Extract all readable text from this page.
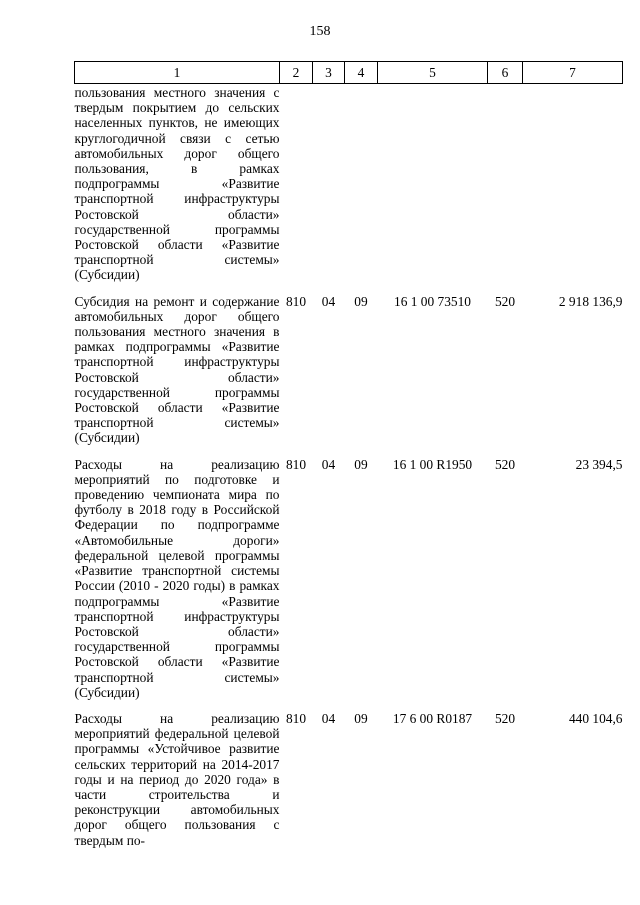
158
1	2	3	4	5	6	7
пользования местного значения с твердым покрытием до сельских населенных пунктов, не имеющих круглогодичной связи с сетью автомобильных дорог общего пользования, в рамках подпрограммы «Развитие транспортной инфраструктуры Ростовской области» государственной программы Ростовской области «Развитие транспортной системы» (Субсидии)						

Субсидия на ремонт и содержание автомобильных дорог общего пользования местного значения в рамках подпрограммы «Развитие транспортной инфраструктуры Ростовской области» государственной программы Ростовской области «Развитие транспортной системы» (Субсидии)	810	04	09	16 1 00 73510	520	2 918 136,9

Расходы на реализацию мероприятий по подготовке и проведению чемпионата мира по футболу в 2018 году в Российской Федерации по подпрограмме «Автомобильные дороги» федеральной целевой программы «Развитие транспортной системы России (2010 - 2020 годы) в рамках подпрограммы «Развитие транспортной инфраструктуры Ростовской области» государственной программы Ростовской области «Развитие транспортной системы» (Субсидии)	810	04	09	16 1 00 R1950	520	23 394,5

Расходы на реализацию мероприятий федеральной целевой программы «Устойчивое развитие сельских территорий на 2014-2017 годы и на период до 2020 года» в части строительства и реконструкции автомобильных дорог общего пользования с твердым по-	810	04	09	17 6 00 R0187	520	440 104,6
